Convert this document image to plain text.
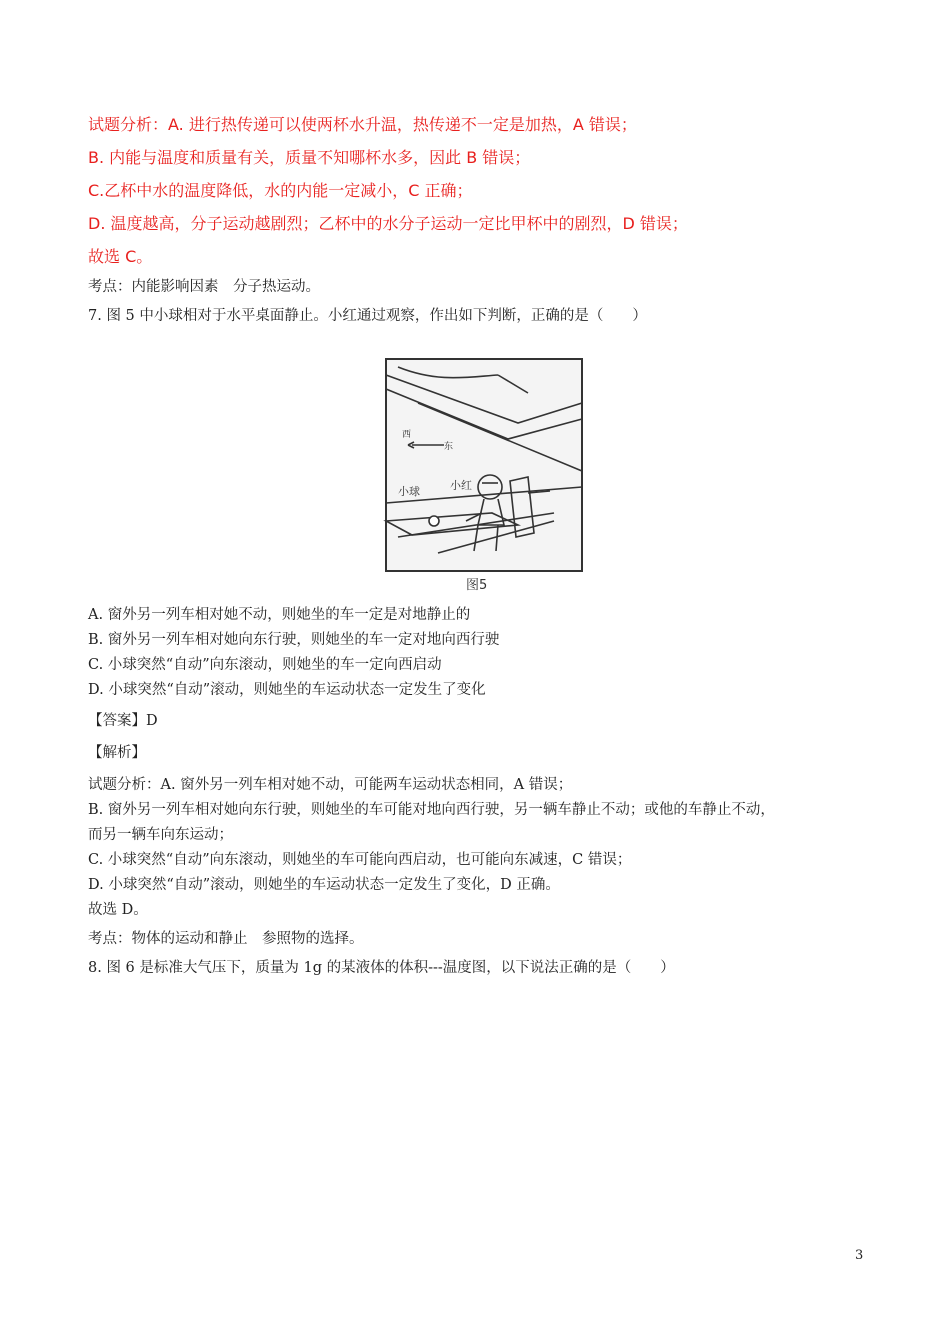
试题分析：A. 进行热传递可以使两杯水升温，热传递不一定是加热，A 错误；
B. 内能与温度和质量有关，质量不知哪杯水多，因此 B 错误；
C.乙杯中水的温度降低，水的内能一定减小，C 正确；
D. 温度越高，分子运动越剧烈；乙杯中的水分子运动一定比甲杯中的剧烈，D 错误；
故选 C。
考点：内能影响因素　分子热运动。
7. 图 5 中小球相对于水平桌面静止。小红通过观察，作出如下判断，正确的是（　　）
西
东
小球	小红
图5
A. 窗外另一列车相对她不动，则她坐的车一定是对地静止的
B. 窗外另一列车相对她向东行驶，则她坐的车一定对地向西行驶
C. 小球突然“自动”向东滚动，则她坐的车一定向西启动
D. 小球突然“自动”滚动，则她坐的车运动状态一定发生了变化
【答案】D
【解析】
试题分析：A. 窗外另一列车相对她不动，可能两车运动状态相同，A 错误；
B. 窗外另一列车相对她向东行驶，则她坐的车可能对地向西行驶，另一辆车静止不动；或他的车静止不动，
而另一辆车向东运动；
C. 小球突然“自动”向东滚动，则她坐的车可能向西启动，也可能向东减速，C 错误；
D. 小球突然“自动”滚动，则她坐的车运动状态一定发生了变化，D 正确。
故选 D。
考点：物体的运动和静止　参照物的选择。
8. 图 6 是标准大气压下，质量为 1g 的某液体的体积---温度图，以下说法正确的是（　　）
3
